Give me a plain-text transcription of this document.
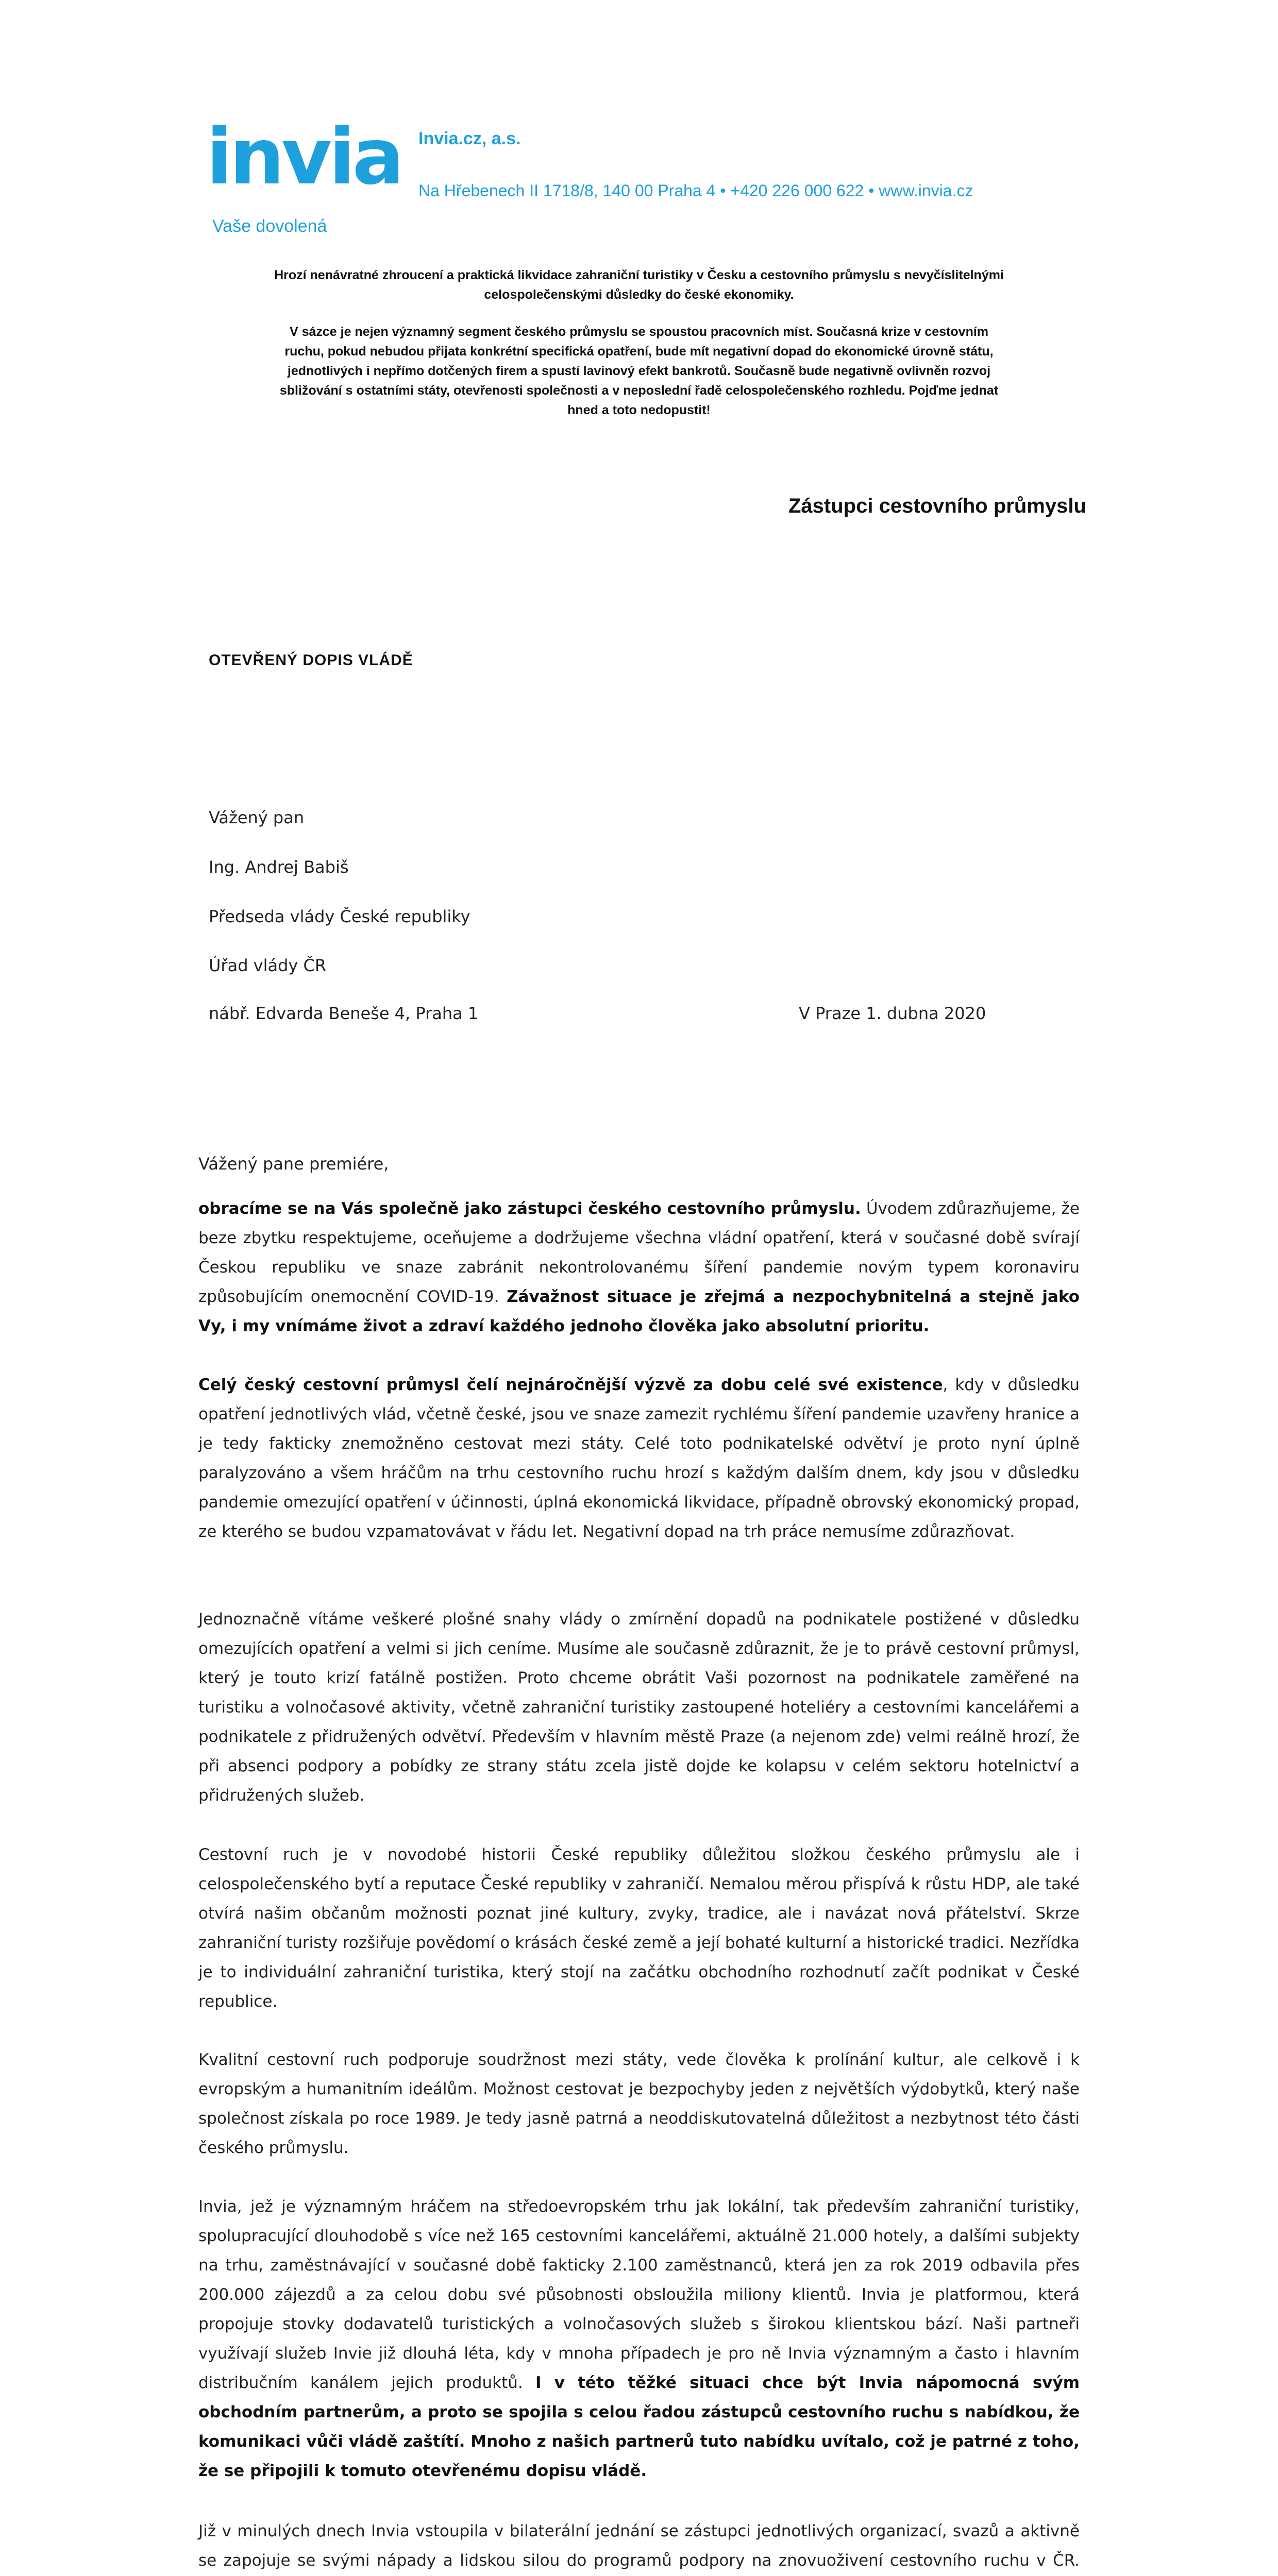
invia
Vaše dovolená
Invia.cz, a.s.
Na Hřebenech II 1718/8, 140 00 Praha 4 • +420 226 000 622 • www.invia.cz
Hrozí nenávratné zhroucení a praktická likvidace zahraniční turistiky v Česku a cestovního průmyslu s nevyčíslitelnými
celospolečenskými důsledky do české ekonomiky.
V sázce je nejen významný segment českého průmyslu se spoustou pracovních míst. Současná krize v cestovním
ruchu, pokud nebudou přijata konkrétní specifická opatření, bude mít negativní dopad do ekonomické úrovně státu,
jednotlivých i nepřímo dotčených firem a spustí lavinový efekt bankrotů. Současně bude negativně ovlivněn rozvoj
sbližování s ostatními státy, otevřenosti společnosti a v neposlední řadě celospolečenského rozhledu. Pojďme jednat
hned a toto nedopustit!
Zástupci cestovního průmyslu
OTEVŘENÝ DOPIS VLÁDĚ
Vážený pan
Ing. Andrej Babiš
Předseda vlády České republiky
Úřad vlády ČR
nábř. Edvarda Beneše 4, Praha 1	V Praze 1. dubna 2020
Vážený pane premiére,
obracíme se na Vás společně jako zástupci českého cestovního průmyslu. Úvodem zdůrazňujeme, že beze zbytku respektujeme, oceňujeme a dodržujeme všechna vládní opatření, která v současné době svírají Českou republiku ve snaze zabránit nekontrolovanému šíření pandemie novým typem koronaviru způsobujícím onemocnění COVID-19. Závažnost situace je zřejmá a nezpochybnitelná a stejně jako Vy, i my vnímáme život a zdraví každého jednoho člověka jako absolutní prioritu.
Celý český cestovní průmysl čelí nejnáročnější výzvě za dobu celé své existence, kdy v důsledku opatření jednotlivých vlád, včetně české, jsou ve snaze zamezit rychlému šíření pandemie uzavřeny hranice a je tedy fakticky znemožněno cestovat mezi státy. Celé toto podnikatelské odvětví je proto nyní úplně paralyzováno a všem hráčům na trhu cestovního ruchu hrozí s každým dalším dnem, kdy jsou v důsledku pandemie omezující opatření v účinnosti, úplná ekonomická likvidace, případně obrovský ekonomický propad, ze kterého se budou vzpamatovávat v řádu let. Negativní dopad na trh práce nemusíme zdůrazňovat.
Jednoznačně vítáme veškeré plošné snahy vlády o zmírnění dopadů na podnikatele postižené v důsledku omezujících opatření a velmi si jich ceníme. Musíme ale současně zdůraznit, že je to právě cestovní průmysl, který je touto krizí fatálně postižen. Proto chceme obrátit Vaši pozornost na podnikatele zaměřené na turistiku a volnočasové aktivity, včetně zahraniční turistiky zastoupené hoteliéry a cestovními kancelářemi a podnikatele z přidružených odvětví. Především v hlavním městě Praze (a nejenom zde) velmi reálně hrozí, že při absenci podpory a pobídky ze strany státu zcela jistě dojde ke kolapsu v celém sektoru hotelnictví a přidružených služeb.
Cestovní ruch je v novodobé historii České republiky důležitou složkou českého průmyslu ale i celospolečenského bytí a reputace České republiky v zahraničí. Nemalou měrou přispívá k růstu HDP, ale také otvírá našim občanům možnosti poznat jiné kultury, zvyky, tradice, ale i navázat nová přátelství. Skrze zahraniční turisty rozšiřuje povědomí o krásách české země a její bohaté kulturní a historické tradici. Nezřídka je to individuální zahraniční turistika, který stojí na začátku obchodního rozhodnutí začít podnikat v České republice.
Kvalitní cestovní ruch podporuje soudržnost mezi státy, vede člověka k prolínání kultur, ale celkově i k evropským a humanitním ideálům. Možnost cestovat je bezpochyby jeden z největších výdobytků, který naše společnost získala po roce 1989. Je tedy jasně patrná a neoddiskutovatelná důležitost a nezbytnost této části českého průmyslu.
Invia, jež je významným hráčem na středoevropském trhu jak lokální, tak především zahraniční turistiky, spolupracující dlouhodobě s více než 165 cestovními kancelářemi, aktuálně 21.000 hotely, a dalšími subjekty na trhu, zaměstnávající v současné době fakticky 2.100 zaměstnanců, která jen za rok 2019 odbavila přes 200.000 zájezdů a za celou dobu své působnosti obsloužila miliony klientů. Invia je platformou, která propojuje stovky dodavatelů turistických a volnočasových služeb s širokou klientskou bází. Naši partneři využívají služeb Invie již dlouhá léta, kdy v mnoha případech je pro ně Invia významným a často i hlavním distribučním kanálem jejich produktů. I v této těžké situaci chce být Invia nápomocná svým obchodním partnerům, a proto se spojila s celou řadou zástupců cestovního ruchu s nabídkou, že komunikaci vůči vládě zaštítí. Mnoho z našich partnerů tuto nabídku uvítalo, což je patrné z toho, že se připojili k tomuto otevřenému dopisu vládě.
Již v minulých dnech Invia vstoupila v bilaterální jednání se zástupci jednotlivých organizací, svazů a aktivně se zapojuje se svými nápady a lidskou silou do programů podpory na znovuoživení cestovního ruchu v ČR.
